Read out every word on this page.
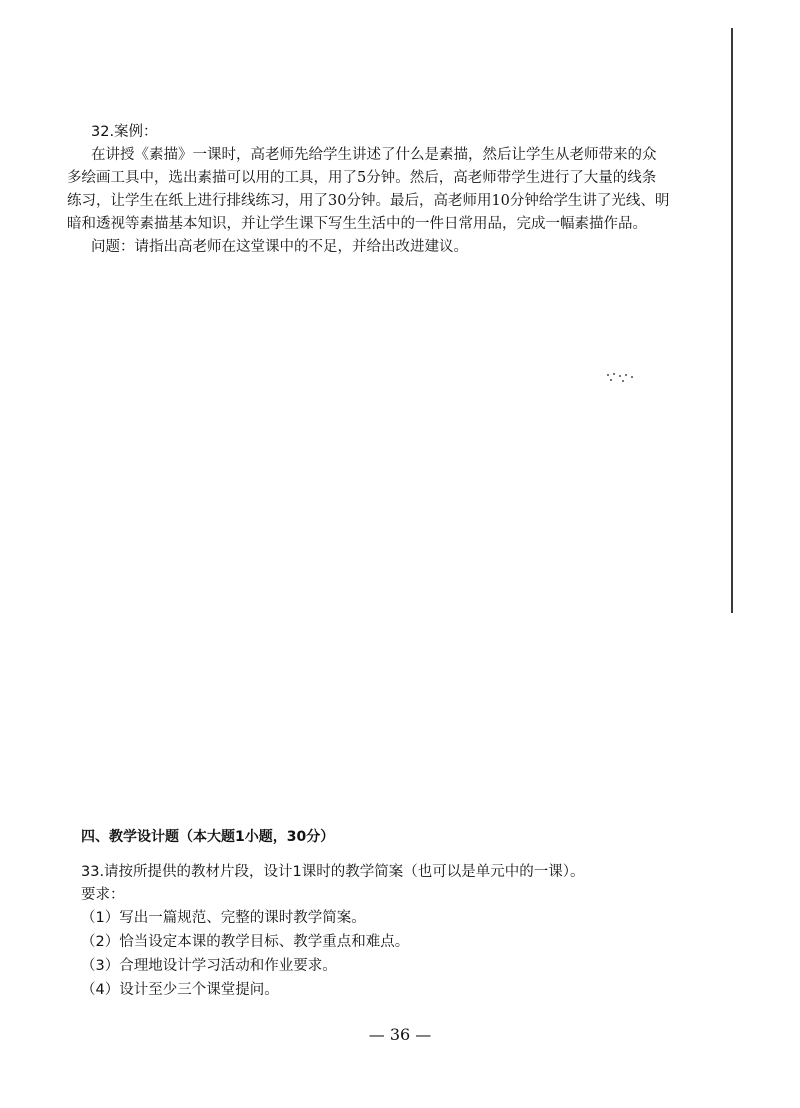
32.案例：
在讲授《素描》一课时，高老师先给学生讲述了什么是素描，然后让学生从老师带来的众
多绘画工具中，选出素描可以用的工具，用了5分钟。然后，高老师带学生进行了大量的线条
练习，让学生在纸上进行排线练习，用了30分钟。最后，高老师用10分钟给学生讲了光线、明
暗和透视等素描基本知识，并让学生课下写生生活中的一件日常用品，完成一幅素描作品。
问题：请指出高老师在这堂课中的不足，并给出改进建议。
四、教学设计题（本大题1小题，30分）
33.请按所提供的教材片段，设计1课时的教学简案（也可以是单元中的一课）。
要求：
（1）写出一篇规范、完整的课时教学简案。
（2）恰当设定本课的教学目标、教学重点和难点。
（3）合理地设计学习活动和作业要求。
（4）设计至少三个课堂提问。
— 36 —
